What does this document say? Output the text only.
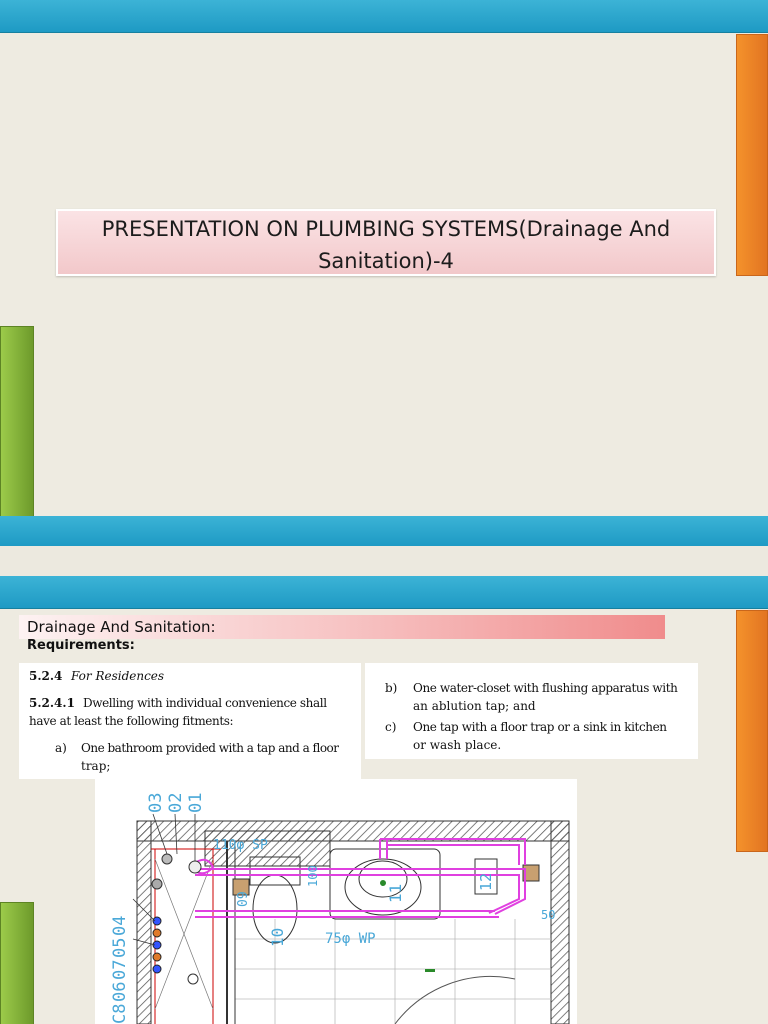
PRESENTATION ON PLUMBING SYSTEMS(Drainage And
Sanitation)-4
Drainage And Sanitation:
Requirements:
5.2.4 For Residences
5.2.4.1 Dwelling with individual convenience shall
have at least the following fitments:
a) One bathroom provided with a tap and a floor
trap;
b) One water-closet with flushing apparatus with
an ablution tap; and
c) One tap with a floor trap or a sink in kitchen
or wash place.
03 02 01
C8
06
07
05
04
110φ SP
75φ WP
11
10
12
09
100
50
